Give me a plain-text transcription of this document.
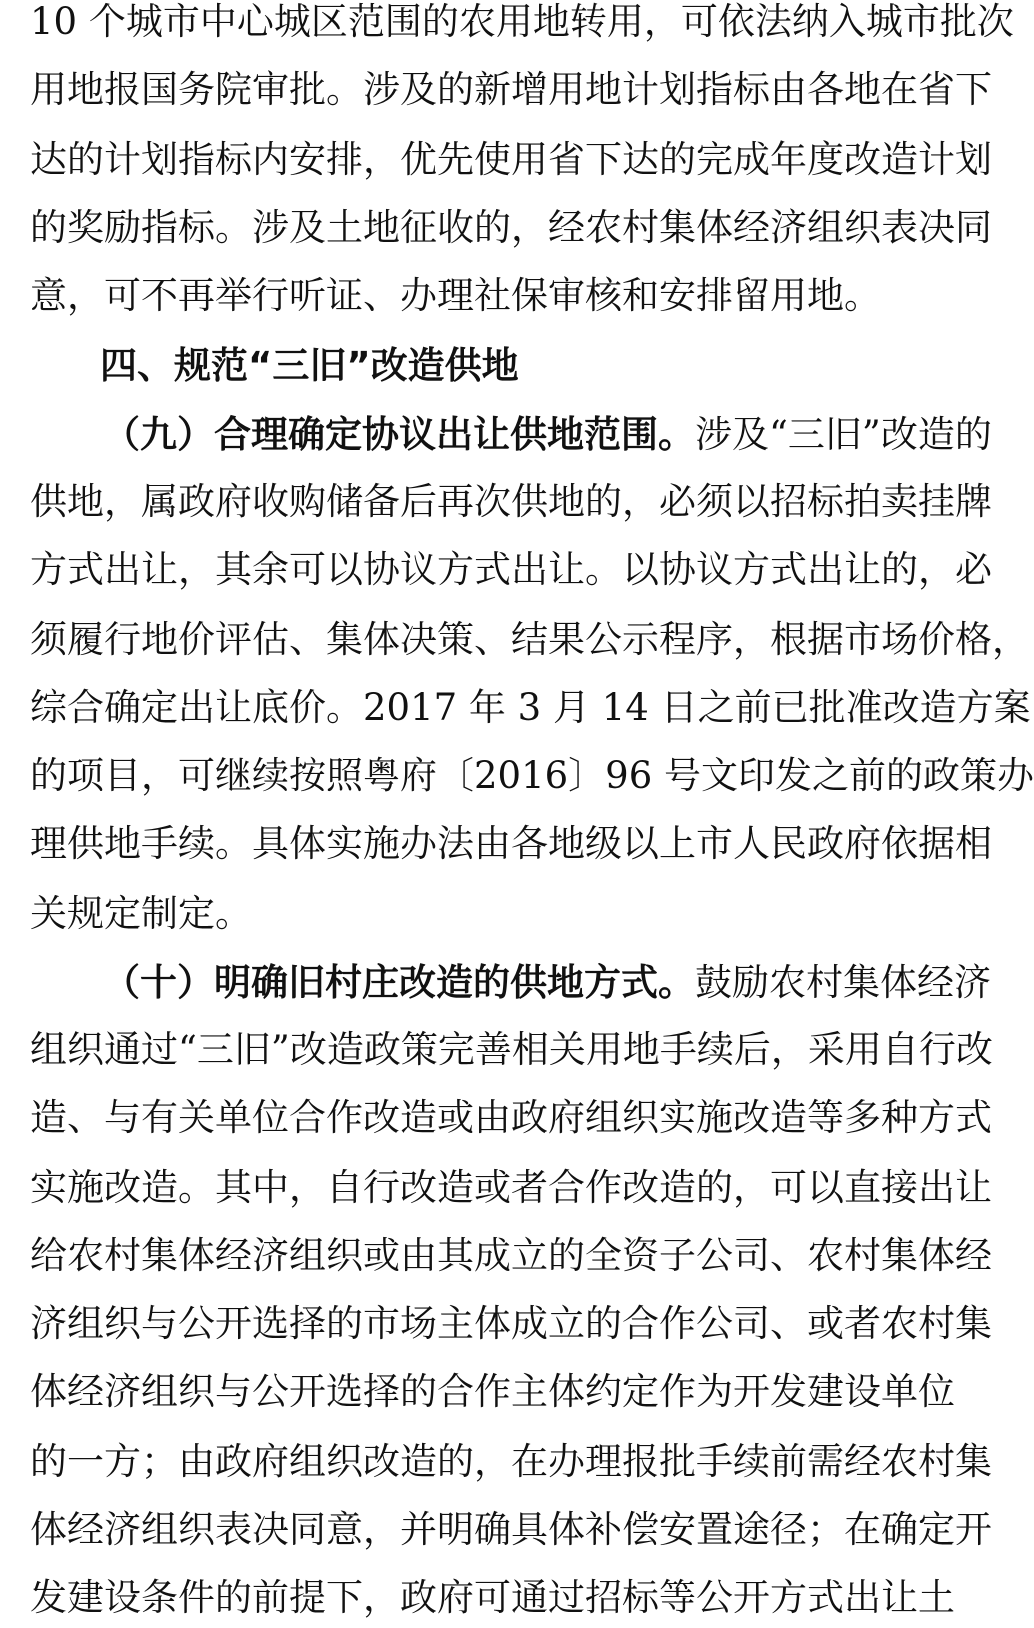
10 个城市中心城区范围的农用地转用，可依法纳入城市批次
用地报国务院审批。涉及的新增用地计划指标由各地在省下
达的计划指标内安排，优先使用省下达的完成年度改造计划
的奖励指标。涉及土地征收的，经农村集体经济组织表决同
意，可不再举行听证、办理社保审核和安排留用地。
四、规范“三旧”改造供地
（九）合理确定协议出让供地范围。涉及“三旧”改造的
供地，属政府收购储备后再次供地的，必须以招标拍卖挂牌
方式出让，其余可以协议方式出让。以协议方式出让的，必
须履行地价评估、集体决策、结果公示程序，根据市场价格，
综合确定出让底价。2017 年 3 月 14 日之前已批准改造方案
的项目，可继续按照粤府〔2016〕96 号文印发之前的政策办
理供地手续。具体实施办法由各地级以上市人民政府依据相
关规定制定。
（十）明确旧村庄改造的供地方式。鼓励农村集体经济
组织通过“三旧”改造政策完善相关用地手续后，采用自行改
造、与有关单位合作改造或由政府组织实施改造等多种方式
实施改造。其中，自行改造或者合作改造的，可以直接出让
给农村集体经济组织或由其成立的全资子公司、农村集体经
济组织与公开选择的市场主体成立的合作公司、或者农村集
体经济组织与公开选择的合作主体约定作为开发建设单位
的一方；由政府组织改造的，在办理报批手续前需经农村集
体经济组织表决同意，并明确具体补偿安置途径；在确定开
发建设条件的前提下，政府可通过招标等公开方式出让土
